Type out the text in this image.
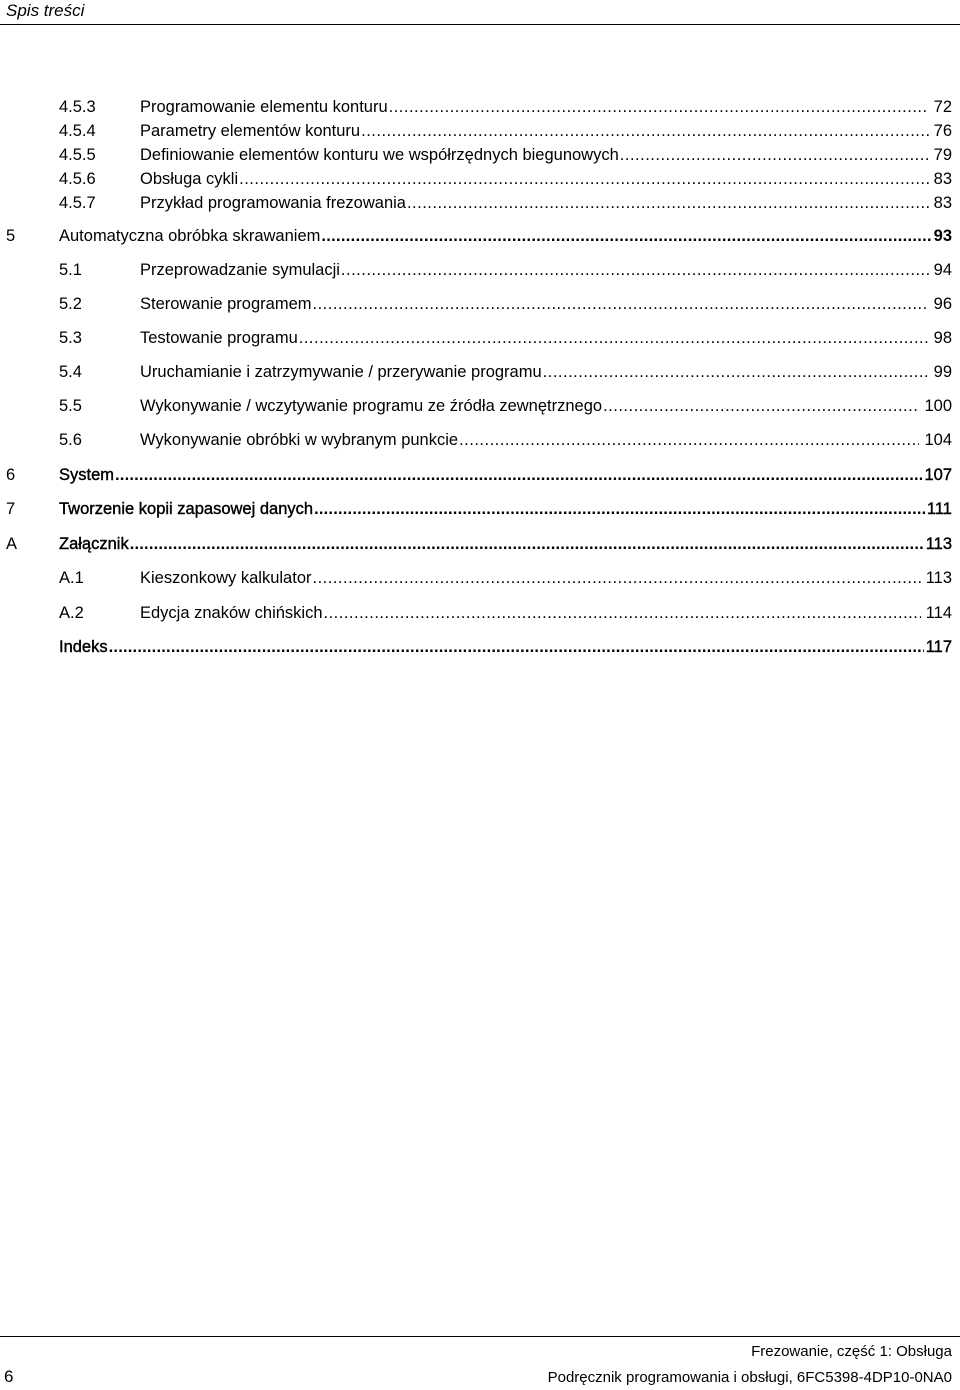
Spis treści
4.5.3	Programowanie elementu konturu .....	72
4.5.4	Parametry elementów konturu .....	76
4.5.5	Definiowanie elementów konturu we współrzędnych biegunowych .....	79
4.5.6	Obsługa cykli .....	83
4.5.7	Przykład programowania frezowania .....	83
5	Automatyczna obróbka skrawaniem .....	93
5.1	Przeprowadzanie symulacji .....	94
5.2	Sterowanie programem .....	96
5.3	Testowanie programu .....	98
5.4	Uruchamianie i zatrzymywanie / przerywanie programu .....	99
5.5	Wykonywanie / wczytywanie programu ze źródła zewnętrznego .....	100
5.6	Wykonywanie obróbki w wybranym punkcie .....	104
6	System .....	107
7	Tworzenie kopii zapasowej danych .....	111
A	Załącznik .....	113
A.1	Kieszonkowy kalkulator .....	113
A.2	Edycja znaków chińskich .....	114
Indeks .....	117
6
Frezowanie, część 1: Obsługa
Podręcznik programowania i obsługi, 6FC5398-4DP10-0NA0
